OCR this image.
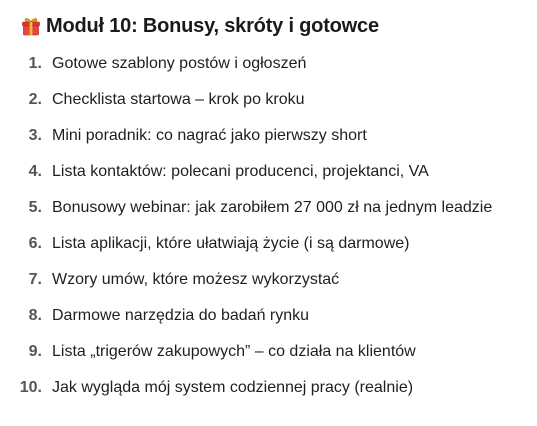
Moduł 10: Bonusy, skróty i gotowce
1. Gotowe szablony postów i ogłoszeń
2. Checklista startowa – krok po kroku
3. Mini poradnik: co nagrać jako pierwszy short
4. Lista kontaktów: polecani producenci, projektanci, VA
5. Bonusowy webinar: jak zarobiłem 27 000 zł na jednym leadzie
6. Lista aplikacji, które ułatwiają życie (i są darmowe)
7. Wzory umów, które możesz wykorzystać
8. Darmowe narzędzia do badań rynku
9. Lista „trigerów zakupowych” – co działa na klientów
10. Jak wygląda mój system codziennej pracy (realnie)
